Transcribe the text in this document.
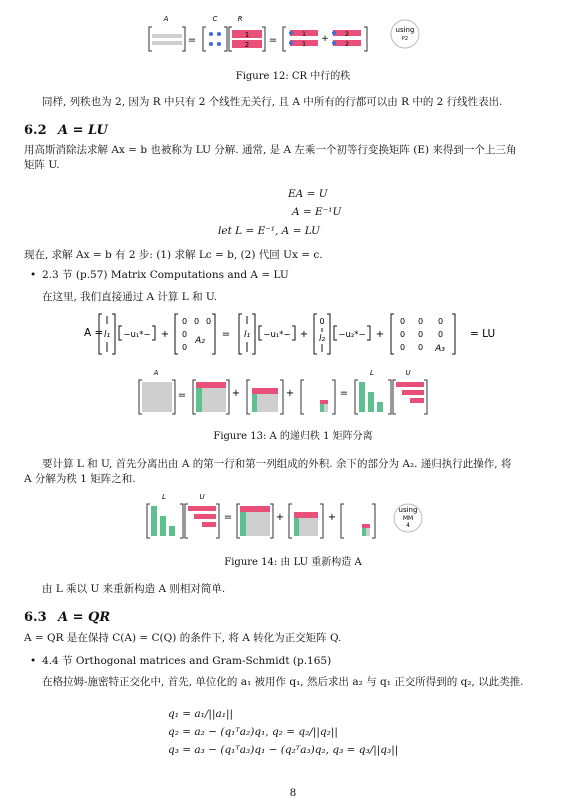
A	C	R
=	1
2 =
1
1
+	2
2
using
P2
Figure 12: CR 中行的秩
同样, 列秩也为 2, 因为 R 中只有 2 个线性无关行, 且 A 中所有的行都可以由 R 中的 2 行线性表出.
6.2 A = LU
用高斯消除法求解 Ax = b 也被称为 LU 分解. 通常, 是 A 左乘一个初等行变换矩阵 (E) 来得到一个上三角
矩阵 U.
EA = U
A = E⁻¹U
let L = E⁻¹, A = LU
现在, 求解 Ax = b 有 2 步: (1) 求解 Lc = b, (2) 代回 Ux = c.
• 2.3 节 (p.57) Matrix Computations and A = LU
在这里, 我们直接通过 A 计算 L 和 U.
A = l₁ −u₁*− +
0 0 0
0
0
A₂
= l₁ −u₁*− +
0
l₂ −u₂*− +
0 0 0
0 0 0
0 0 A₃
= LU
A	L	U
=	+	+	=
Figure 13: A 的递归秩 1 矩阵分离
要计算 L 和 U, 首先分离出由 A 的第一行和第一列组成的外积. 余下的部分为 A₂. 递归执行此操作, 将
A 分解为秩 1 矩阵之和.
L	U
=	+	+
using
MM
4
Figure 14: 由 LU 重新构造 A
由 L 乘以 U 来重新构造 A 则相对简单.
6.3 A = QR
A = QR 是在保持 C(A) = C(Q) 的条件下, 将 A 转化为正交矩阵 Q.
• 4.4 节 Orthogonal matrices and Gram-Schmidt (p.165)
在格拉姆-施密特正交化中, 首先, 单位化的 a₁ 被用作 q₁, 然后求出 a₂ 与 q₁ 正交所得到的 q₂, 以此类推.
q₁ = a₁/||a₁||
q₂ = a₂ − (q₁ᵀa₂)q₁, q₂ = q₂/||q₂||
q₃ = a₃ − (q₁ᵀa₃)q₁ − (q₂ᵀa₃)q₂, q₃ = q₃/||q₃||
8
